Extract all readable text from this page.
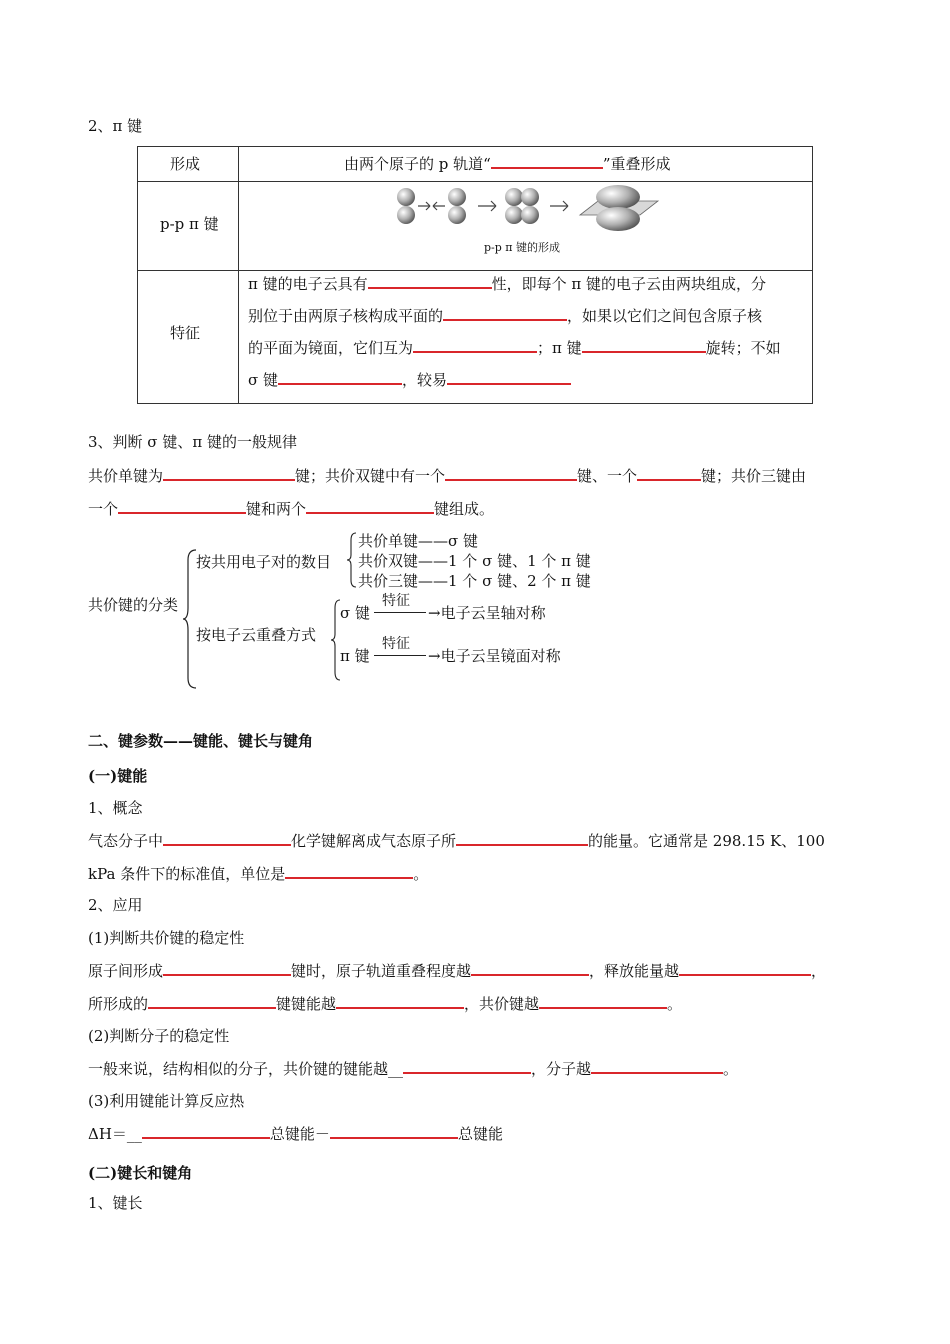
2、π 键
形成	由两个原子的 p 轨道“	”重叠形成
p-p π 键
p-p π 键的形成
特征
π 键的电子云具有	性，即每个 π 键的电子云由两块组成，分
别位于由两原子核构成平面的	，如果以它们之间包含原子核
的平面为镜面，它们互为	；π 键	旋转；不如
σ 键	，较易
3、判断 σ 键、π 键的一般规律
共价单键为	键；共价双键中有一个	键、一个	键；共价三键由
一个	键和两个	键组成。
共价键的分类
按共用电子对的数目
共价单键——σ 键
共价双键——1 个 σ 键、1 个 π 键
共价三键——1 个 σ 键、2 个 π 键
按电子云重叠方式
σ 键
特征
→电子云呈轴对称
π 键
特征
→电子云呈镜面对称
二、键参数——键能、键长与键角
(一)键能
1、概念
气态分子中	化学键解离成气态原子所	的能量。它通常是 298.15 K、100
kPa 条件下的标准值，单位是	。
2、应用
(1)判断共价键的稳定性
原子间形成	键时，原子轨道重叠程度越	，释放能量越	，
所形成的	键键能越	，共价键越	。
(2)判断分子的稳定性
一般来说，结构相似的分子，共价键的键能越__	，分子越	。
(3)利用键能计算反应热
ΔH＝__	总键能－	总键能
(二)键长和键角
1、键长
